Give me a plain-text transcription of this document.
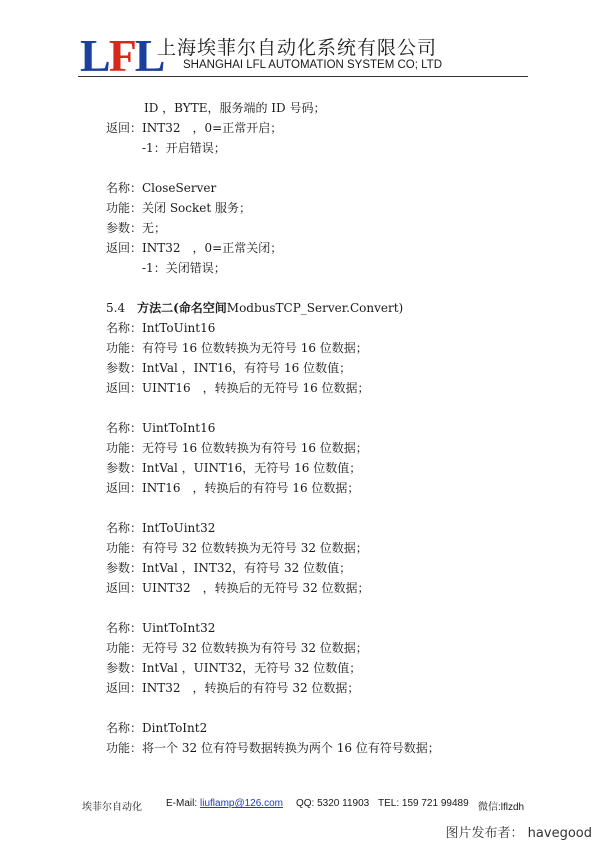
L F L
上海埃菲尔自动化系统有限公司
SHANGHAI LFL AUTOMATION SYSTEM CO; LTD
ID ，BYTE，服务端的 ID 号码；
返回：INT32　，0=正常开启；
-1：开启错误；
名称：CloseServer
功能：关闭 Socket 服务；
参数：无；
返回：INT32　，0=正常关闭；
-1：关闭错误；
5.4 方法二(命名空间ModbusTCP_Server.Convert)
名称：IntToUint16
功能：有符号 16 位数转换为无符号 16 位数据；
参数：IntVal ，INT16，有符号 16 位数值；
返回：UINT16　，转换后的无符号 16 位数据；
名称：UintToInt16
功能：无符号 16 位数转换为有符号 16 位数据；
参数：IntVal ，UINT16，无符号 16 位数值；
返回：INT16　，转换后的有符号 16 位数据；
名称：IntToUint32
功能：有符号 32 位数转换为无符号 32 位数据；
参数：IntVal ，INT32，有符号 32 位数值；
返回：UINT32　，转换后的无符号 32 位数据；
名称：UintToInt32
功能：无符号 32 位数转换为有符号 32 位数据；
参数：IntVal ，UINT32，无符号 32 位数值；
返回：INT32　，转换后的有符号 32 位数据；
名称：DintToInt2
功能：将一个 32 位有符号数据转换为两个 16 位有符号数据；
埃菲尔自动化 E-Mail: liuflamp@126.com QQ: 5320 11903 TEL: 159 721 99489 微信:lflzdh
图片发布者： havegood
